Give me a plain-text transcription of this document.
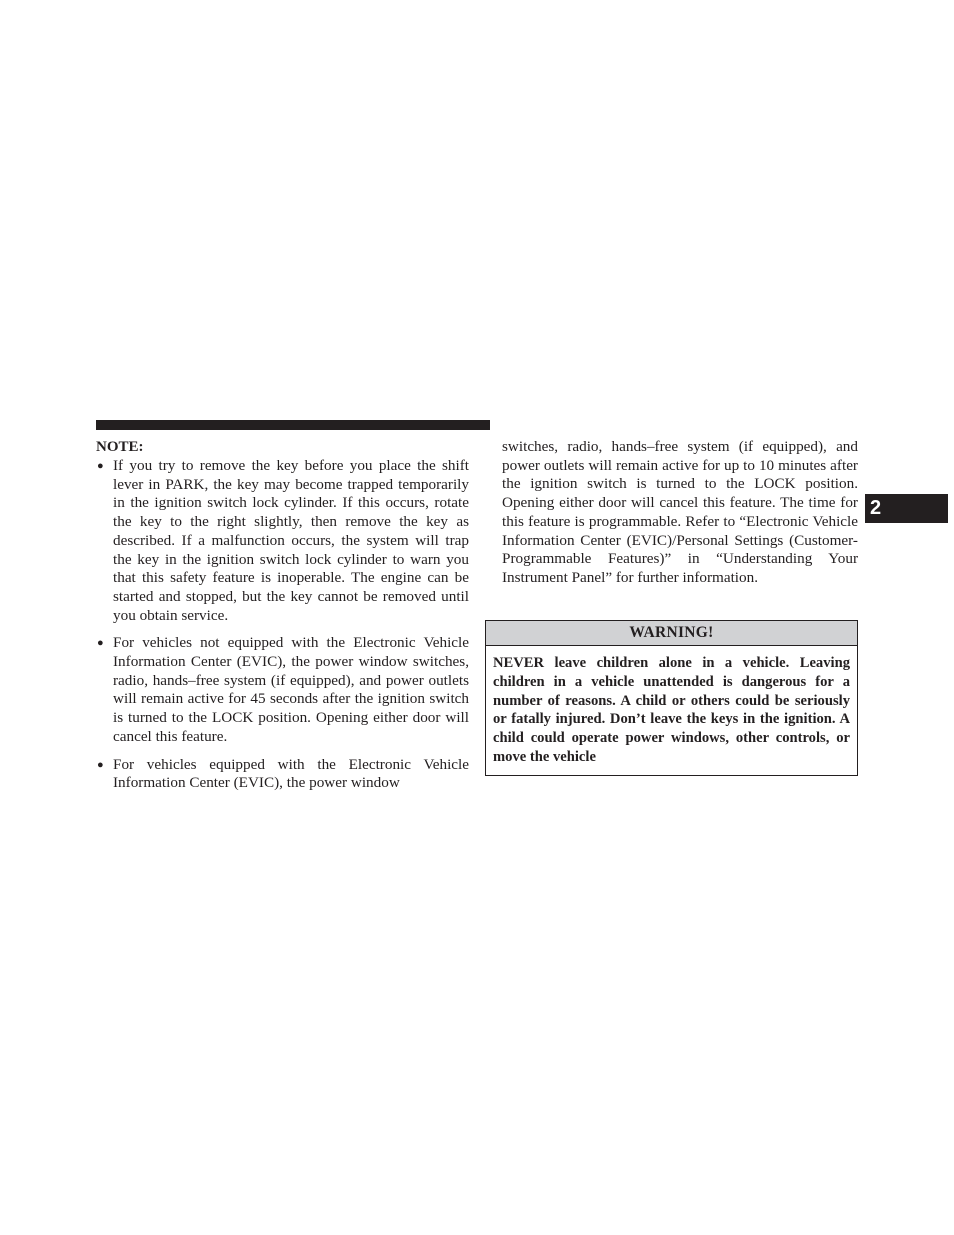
NOTE:

● If you try to remove the key before you place the shift lever in PARK, the key may become trapped temporarily in the ignition switch lock cylinder. If this occurs, rotate the key to the right slightly, then remove the key as described. If a malfunction occurs, the system will trap the key in the ignition switch lock cylinder to warn you that this safety feature is inoperable. The engine can be started and stopped, but the key cannot be removed until you obtain service.
● For vehicles not equipped with the Electronic Vehicle Information Center (EVIC), the power window switches, radio, hands–free system (if equipped), and power outlets will remain active for 45 seconds after the ignition switch is turned to the LOCK position. Opening either door will cancel this feature.
● For vehicles equipped with the Electronic Vehicle Information Center (EVIC), the power window

switches, radio, hands–free system (if equipped), and power outlets will remain active for up to 10 minutes after the ignition switch is turned to the LOCK position. Opening either door will cancel this feature. The time for this feature is programmable. Refer to “Electronic Vehicle Information Center (EVIC)/Personal Settings (Customer-Programmable Features)” in “Understanding Your Instrument Panel” for further information.

WARNING!
NEVER leave children alone in a vehicle. Leaving children in a vehicle unattended is dangerous for a number of reasons. A child or others could be seriously or fatally injured. Don’t leave the keys in the ignition. A child could operate power windows, other controls, or move the vehicle
2
